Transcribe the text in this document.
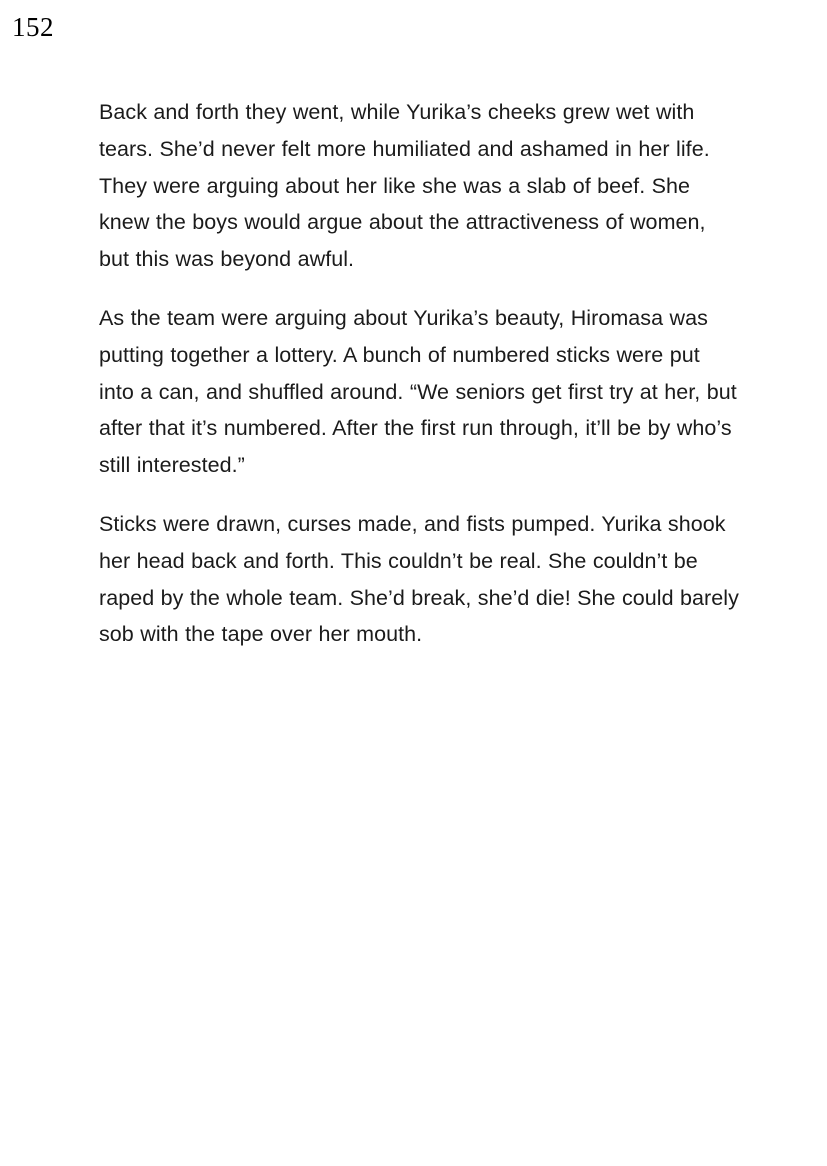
152

Back and forth they went, while Yurika’s cheeks grew wet with tears. She’d never felt more humiliated and ashamed in her life. They were arguing about her like she was a slab of beef. She knew the boys would argue about the attractiveness of women, but this was beyond awful.

As the team were arguing about Yurika’s beauty, Hiromasa was putting together a lottery. A bunch of numbered sticks were put into a can, and shuffled around. “We seniors get first try at her, but after that it’s numbered. After the first run through, it’ll be by who’s still interested.”

Sticks were drawn, curses made, and fists pumped. Yurika shook her head back and forth. This couldn’t be real. She couldn’t be raped by the whole team. She’d break, she’d die! She could barely sob with the tape over her mouth.
